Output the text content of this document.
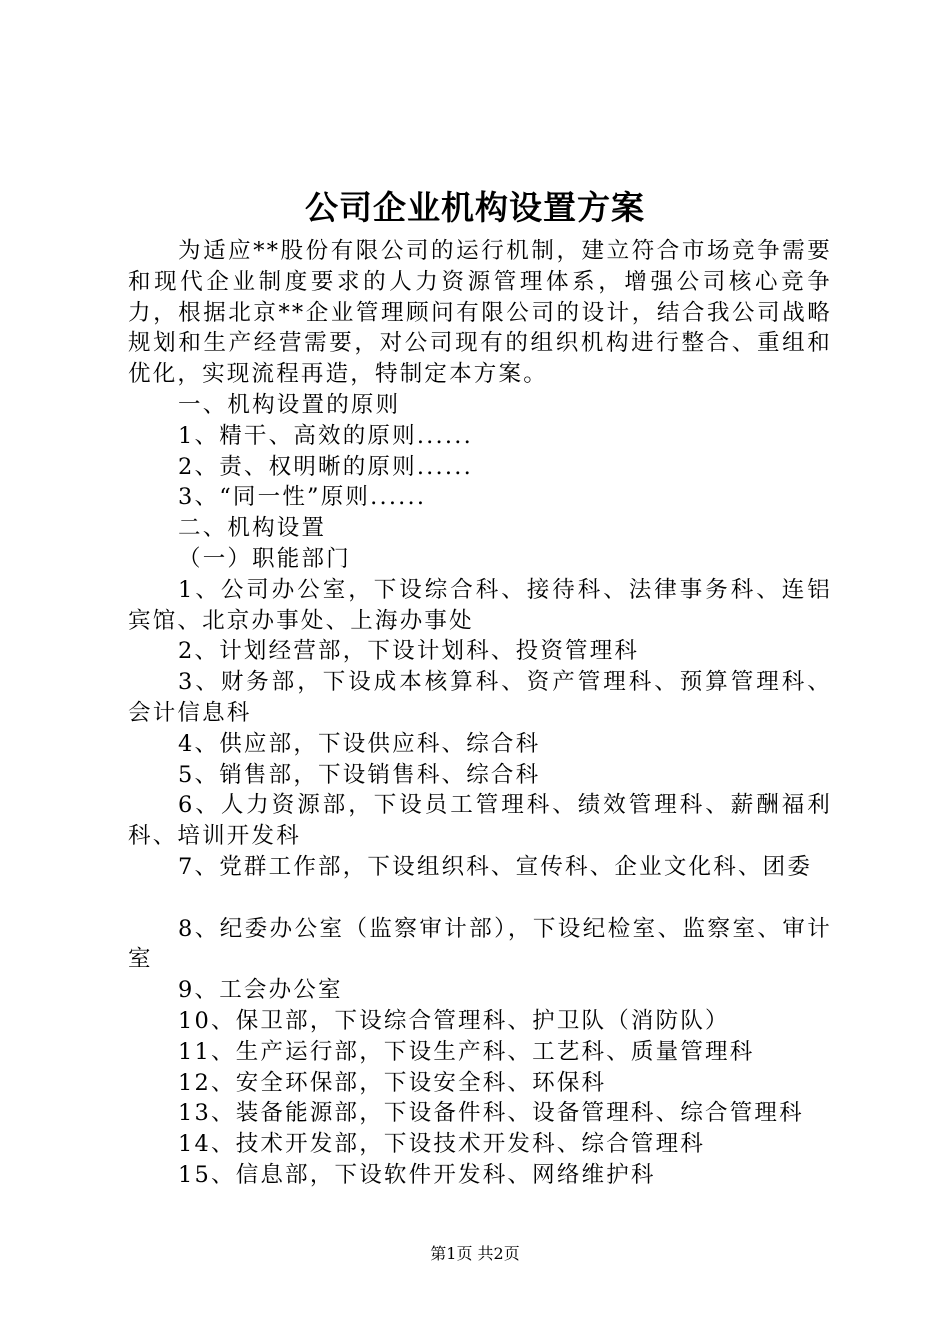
公司企业机构设置方案

为适应**股份有限公司的运行机制，建立符合市场竞争需要和现代企业制度要求的人力资源管理体系，增强公司核心竞争力，根据北京**企业管理顾问有限公司的设计，结合我公司战略规划和生产经营需要，对公司现有的组织机构进行整合、重组和优化，实现流程再造，特制定本方案。

一、机构设置的原则

1、精干、高效的原则......

2、责、权明晰的原则......

3、“同一性”原则......

二、机构设置

（一）职能部门

1、公司办公室，下设综合科、接待科、法律事务科、连铝宾馆、北京办事处、上海办事处

2、计划经营部，下设计划科、投资管理科

3、财务部，下设成本核算科、资产管理科、预算管理科、会计信息科

4、供应部，下设供应科、综合科

5、销售部，下设销售科、综合科

6、人力资源部，下设员工管理科、绩效管理科、薪酬福利科、培训开发科

7、党群工作部，下设组织科、宣传科、企业文化科、团委

8、纪委办公室（监察审计部），下设纪检室、监察室、审计室

9、工会办公室

10、保卫部，下设综合管理科、护卫队（消防队）

11、生产运行部，下设生产科、工艺科、质量管理科

12、安全环保部，下设安全科、环保科

13、装备能源部，下设备件科、设备管理科、综合管理科

14、技术开发部，下设技术开发科、综合管理科

15、信息部，下设软件开发科、网络维护科

第1页 共2页
